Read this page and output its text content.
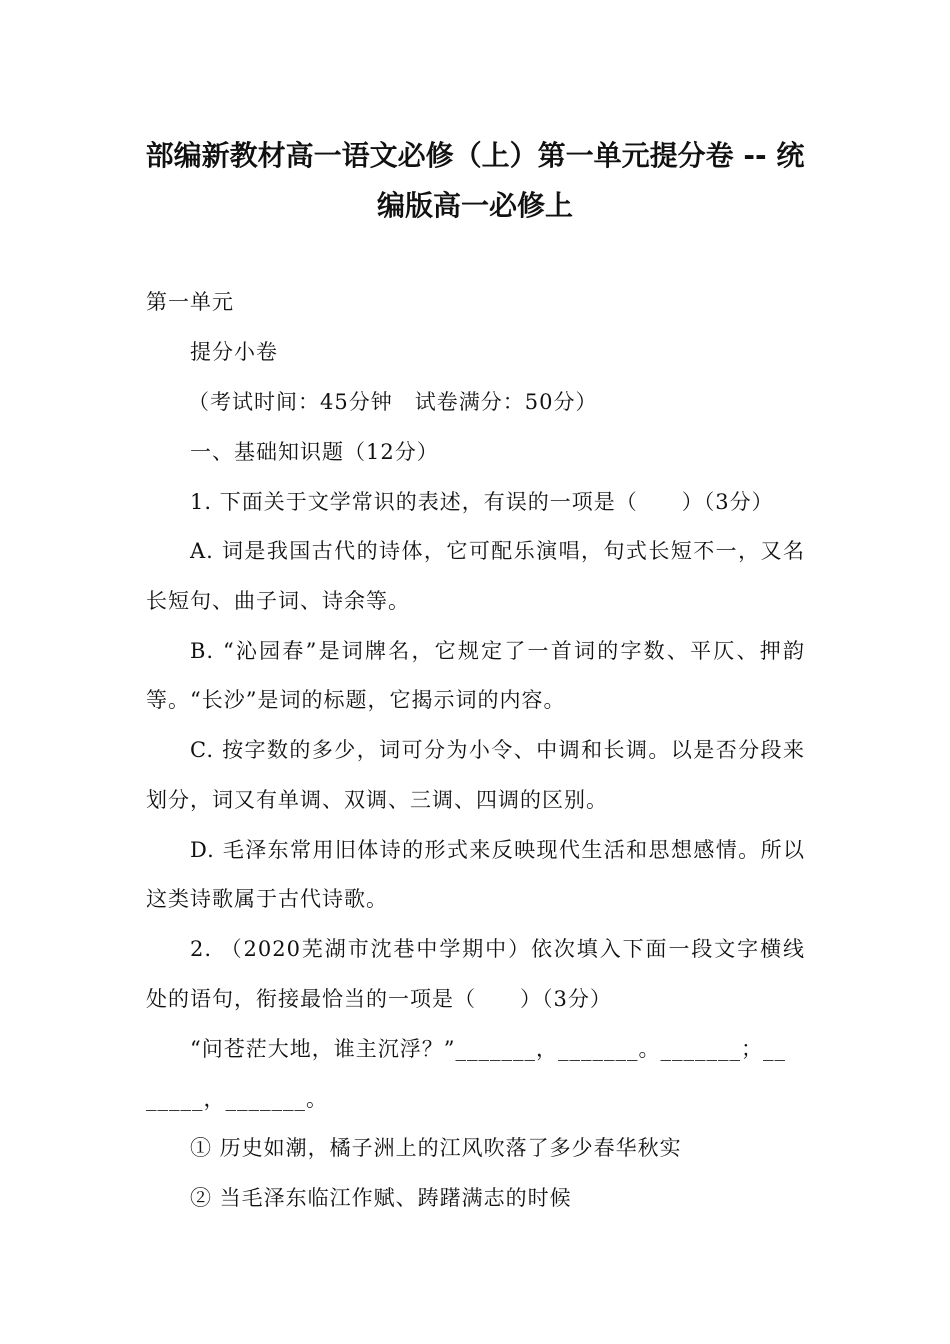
部编新教材高一语文必修（上）第一单元提分卷 -- 统
编版高一必修上
第一单元
提分小卷
（考试时间：45分钟　试卷满分：50分）
一、基础知识题（12分）
1. 下面关于文学常识的表述，有误的一项是（　　）（3分）
A. 词是我国古代的诗体，它可配乐演唱，句式长短不一，又名
长短句、曲子词、诗余等。
B. “沁园春”是词牌名，它规定了一首词的字数、平仄、押韵
等。“长沙”是词的标题，它揭示词的内容。
C. 按字数的多少，词可分为小令、中调和长调。以是否分段来
划分，词又有单调、双调、三调、四调的区别。
D. 毛泽东常用旧体诗的形式来反映现代生活和思想感情。所以
这类诗歌属于古代诗歌。
2. （2020芜湖市沈巷中学期中）依次填入下面一段文字横线
处的语句，衔接最恰当的一项是（　　）（3分）
“问苍茫大地，谁主沉浮？”_______，_______。_______；__
_____，_______。
① 历史如潮，橘子洲上的江风吹落了多少春华秋实
② 当毛泽东临江作赋、踌躇满志的时候
